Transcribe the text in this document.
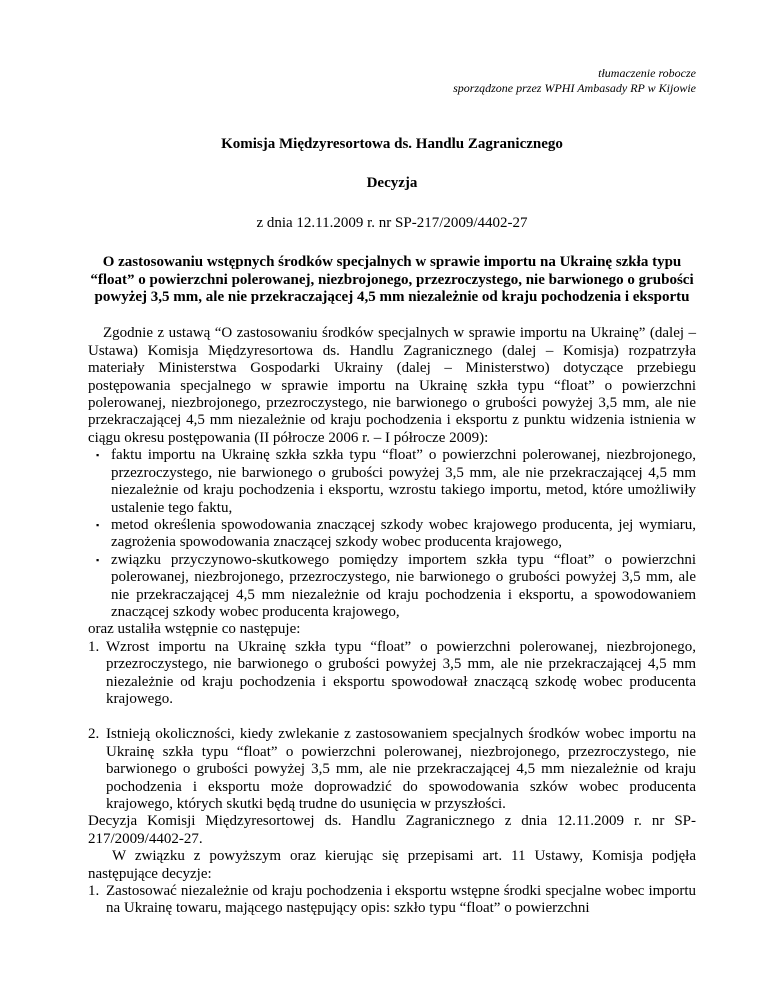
tłumaczenie robocze
sporządzone przez WPHI Ambasady RP w Kijowie

Komisja Międzyresortowa ds. Handlu Zagranicznego

Decyzja

z dnia 12.11.2009 r. nr SP-217/2009/4402-27

O zastosowaniu wstępnych środków specjalnych w sprawie importu na Ukrainę szkła typu “float” o powierzchni polerowanej, niezbrojonego, przezroczystego, nie barwionego o grubości powyżej 3,5 mm, ale nie przekraczającej 4,5 mm niezależnie od kraju pochodzenia i eksportu

Zgodnie z ustawą “O zastosowaniu środków specjalnych w sprawie importu na Ukrainę” (dalej – Ustawa) Komisja Międzyresortowa ds. Handlu Zagranicznego (dalej – Komisja) rozpatrzyła materiały Ministerstwa Gospodarki Ukrainy (dalej – Ministerstwo) dotyczące przebiegu postępowania specjalnego w sprawie importu na Ukrainę szkła typu “float” o powierzchni polerowanej, niezbrojonego, przezroczystego, nie barwionego o grubości powyżej 3,5 mm, ale nie przekraczającej 4,5 mm niezależnie od kraju pochodzenia i eksportu z punktu widzenia istnienia w ciągu okresu postępowania (II półrocze 2006 r. – I półrocze 2009):

▪ faktu importu na Ukrainę szkła szkła typu “float” o powierzchni polerowanej, niezbrojonego, przezroczystego, nie barwionego o grubości powyżej 3,5 mm, ale nie przekraczającej 4,5 mm niezależnie od kraju pochodzenia i eksportu, wzrostu takiego importu, metod, które umożliwiły ustalenie tego faktu,
▪ metod określenia spowodowania znaczącej szkody wobec krajowego producenta, jej wymiaru, zagrożenia spowodowania znaczącej szkody wobec producenta krajowego,
▪ związku przyczynowo-skutkowego pomiędzy importem szkła typu “float” o powierzchni polerowanej, niezbrojonego, przezroczystego, nie barwionego o grubości powyżej 3,5 mm, ale nie przekraczającej 4,5 mm niezależnie od kraju pochodzenia i eksportu, a spowodowaniem znaczącej szkody wobec producenta krajowego,

oraz ustaliła wstępnie co następuje:

1. Wzrost importu na Ukrainę szkła typu “float” o powierzchni polerowanej, niezbrojonego, przezroczystego, nie barwionego o grubości powyżej 3,5 mm, ale nie przekraczającej 4,5 mm niezależnie od kraju pochodzenia i eksportu spowodował znaczącą szkodę wobec producenta krajowego.
2. Istnieją okoliczności, kiedy zwlekanie z zastosowaniem specjalnych środków wobec importu na Ukrainę szkła typu “float” o powierzchni polerowanej, niezbrojonego, przezroczystego, nie barwionego o grubości powyżej 3,5 mm, ale nie przekraczającej 4,5 mm niezależnie od kraju pochodzenia i eksportu może doprowadzić do spowodowania szków wobec producenta krajowego, których skutki będą trudne do usunięcia w przyszłości.

Decyzja Komisji Międzyresortowej ds. Handlu Zagranicznego z dnia 12.11.2009 r. nr SP-217/2009/4402-27.

W związku z powyższym oraz kierując się przepisami art. 11 Ustawy, Komisja podjęła następujące decyzje:

1. Zastosować niezależnie od kraju pochodzenia i eksportu wstępne środki specjalne wobec importu na Ukrainę towaru, mającego następujący opis: szkło typu “float” o powierzchni
